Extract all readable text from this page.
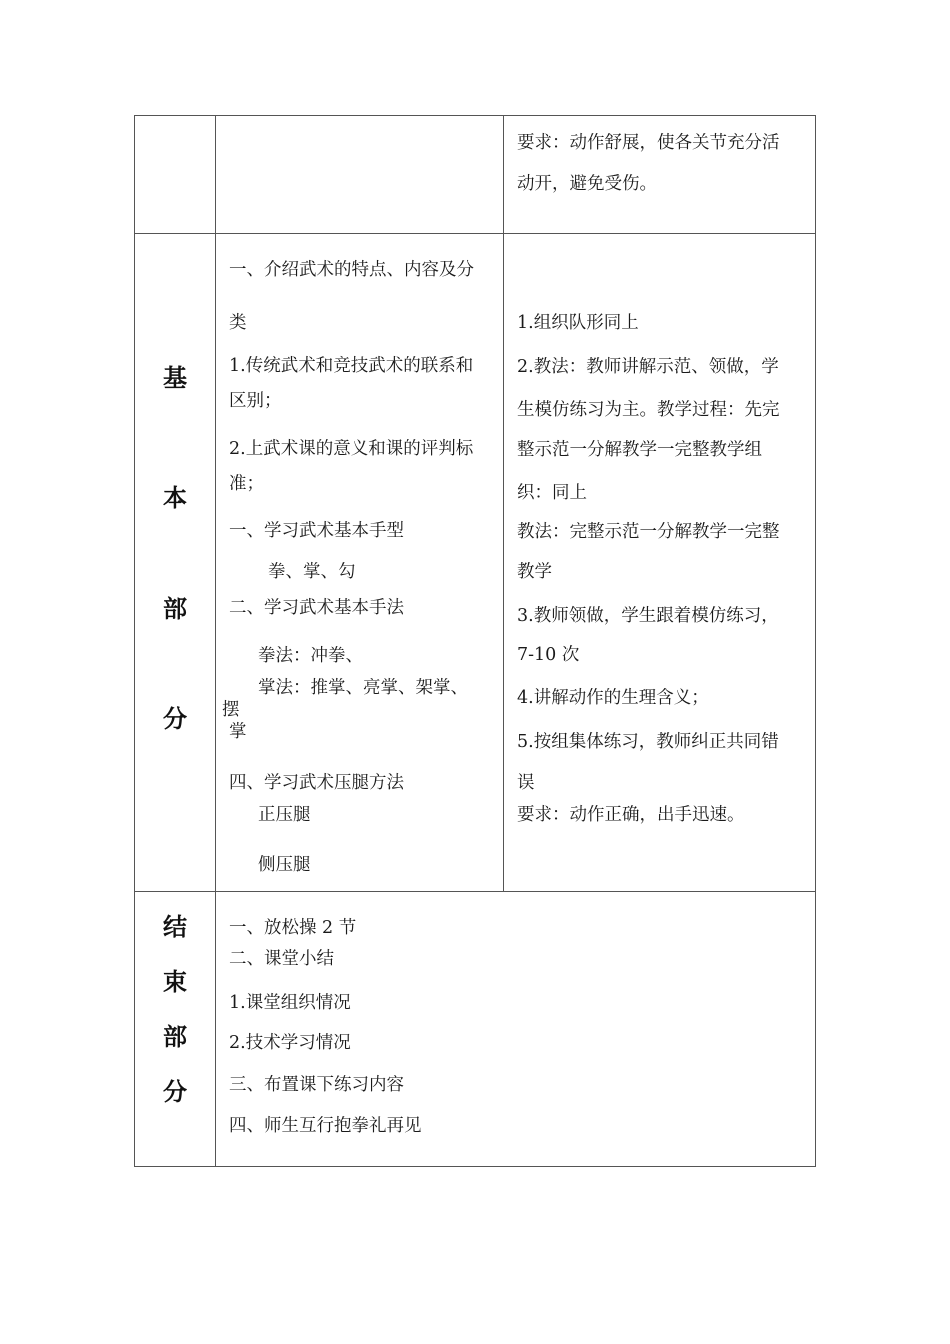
要求：动作舒展，使各关节充分活
动开，避免受伤。
基
本
部
分
一、介绍武术的特点、内容及分
类
1.传统武术和竞技武术的联系和
区别；
2.上武术课的意义和课的评判标
准；
一、学习武术基本手型
拳、掌、勾
二、学习武术基本手法
拳法：冲拳、
掌法：推掌、亮掌、架掌、
摆
掌
四、学习武术压腿方法
正压腿
侧压腿
1.组织队形同上
2.教法：教师讲解示范、领做，学
生模仿练习为主。教学过程：先完
整示范一分解教学一完整教学组
织：同上
教法：完整示范一分解教学一完整
教学
3.教师领做，学生跟着模仿练习，
7-10 次
4.讲解动作的生理含义；
5.按组集体练习，教师纠正共同错
误
要求：动作正确，出手迅速。
结
束
部
分
一、放松操 2 节
二、课堂小结
1.课堂组织情况
2.技术学习情况
三、布置课下练习内容
四、师生互行抱拳礼再见
